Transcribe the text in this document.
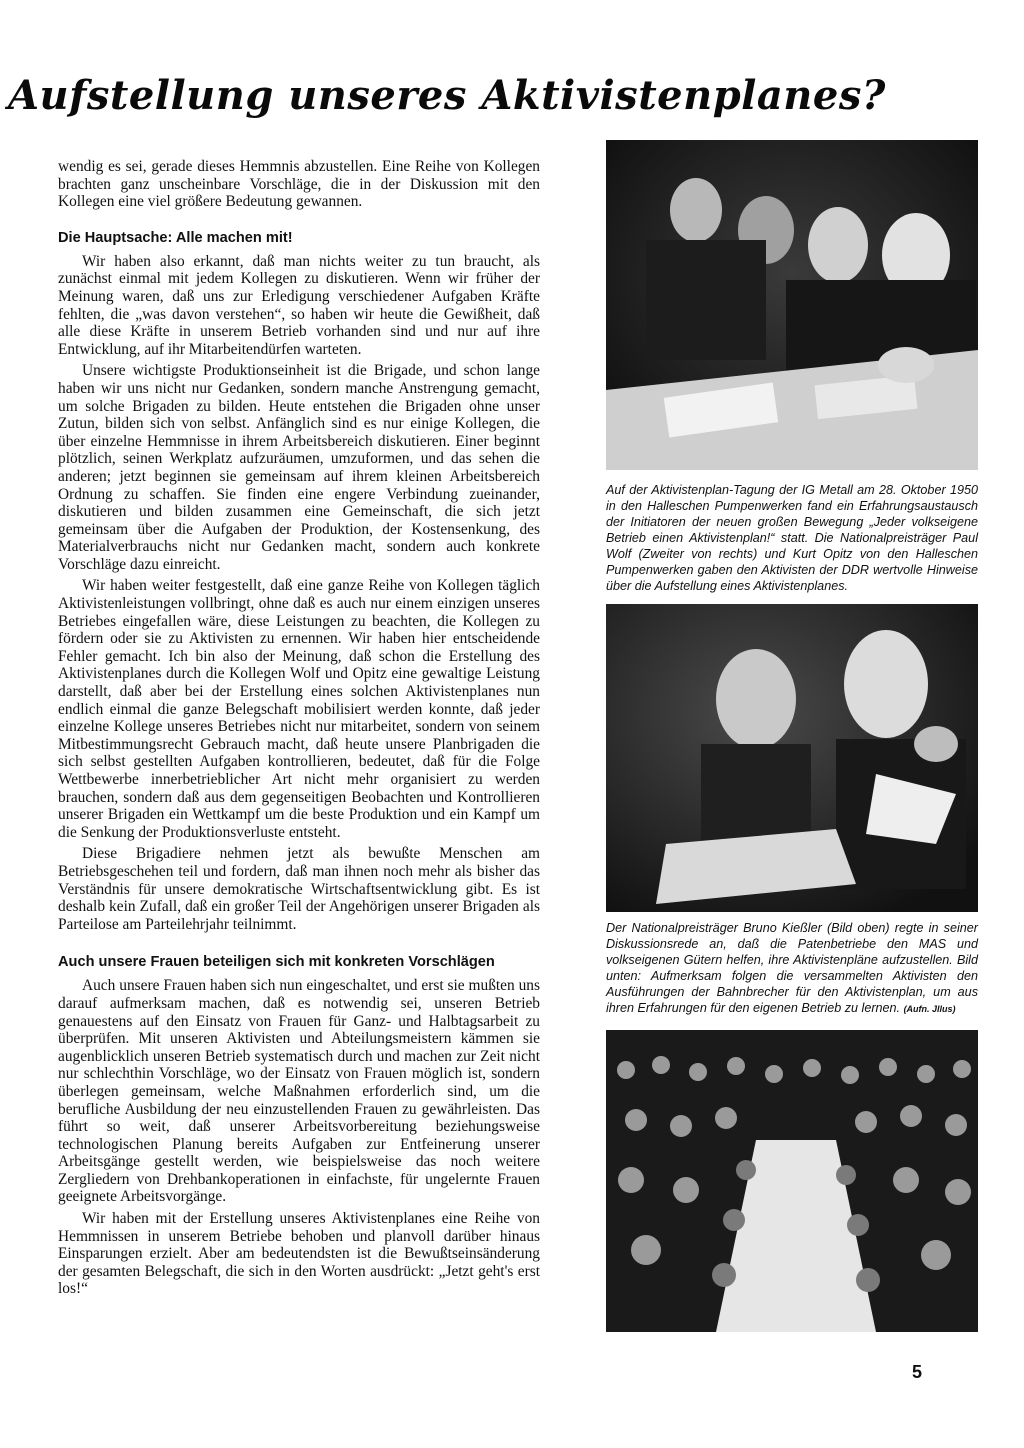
Aufstellung unseres Aktivistenplanes?

wendig es sei, gerade dieses Hemmnis abzustellen. Eine Reihe von Kollegen brachten ganz unscheinbare Vorschläge, die in der Diskussion mit den Kollegen eine viel größere Bedeutung gewannen.

Die Hauptsache: Alle machen mit!

Wir haben also erkannt, daß man nichts weiter zu tun braucht, als zunächst einmal mit jedem Kollegen zu diskutieren. Wenn wir früher der Meinung waren, daß uns zur Erledigung verschiedener Aufgaben Kräfte fehlten, die „was davon verstehen“, so haben wir heute die Gewißheit, daß alle diese Kräfte in unserem Betrieb vorhanden sind und nur auf ihre Entwicklung, auf ihr Mitarbeitendürfen warteten.

Unsere wichtigste Produktionseinheit ist die Brigade, und schon lange haben wir uns nicht nur Gedanken, sondern manche Anstrengung gemacht, um solche Brigaden zu bilden. Heute entstehen die Brigaden ohne unser Zutun, bilden sich von selbst. Anfänglich sind es nur einige Kollegen, die über einzelne Hemmnisse in ihrem Arbeitsbereich diskutieren. Einer beginnt plötzlich, seinen Werkplatz aufzuräumen, umzuformen, und das sehen die anderen; jetzt beginnen sie gemeinsam auf ihrem kleinen Arbeitsbereich Ordnung zu schaffen. Sie finden eine engere Verbindung zueinander, diskutieren und bilden zusammen eine Gemeinschaft, die sich jetzt gemeinsam über die Aufgaben der Produktion, der Kostensenkung, des Materialverbrauchs nicht nur Gedanken macht, sondern auch konkrete Vorschläge dazu einreicht.

Wir haben weiter festgestellt, daß eine ganze Reihe von Kollegen täglich Aktivistenleistungen vollbringt, ohne daß es auch nur einem einzigen unseres Betriebes eingefallen wäre, diese Leistungen zu beachten, die Kollegen zu fördern oder sie zu Aktivisten zu ernennen. Wir haben hier entscheidende Fehler gemacht. Ich bin also der Meinung, daß schon die Erstellung des Aktivistenplanes durch die Kollegen Wolf und Opitz eine gewaltige Leistung darstellt, daß aber bei der Erstellung eines solchen Aktivistenplanes nun endlich einmal die ganze Belegschaft mobilisiert werden konnte, daß jeder einzelne Kollege unseres Betriebes nicht nur mitarbeitet, sondern von seinem Mitbestimmungsrecht Gebrauch macht, daß heute unsere Planbrigaden die sich selbst gestellten Aufgaben kontrollieren, bedeutet, daß für die Folge Wettbewerbe innerbetrieblicher Art nicht mehr organisiert zu werden brauchen, sondern daß aus dem gegenseitigen Beobachten und Kontrollieren unserer Brigaden ein Wettkampf um die beste Produktion und ein Kampf um die Senkung der Produktionsverluste entsteht.

Diese Brigadiere nehmen jetzt als bewußte Menschen am Betriebsgeschehen teil und fordern, daß man ihnen noch mehr als bisher das Verständnis für unsere demokratische Wirtschaftsentwicklung gibt. Es ist deshalb kein Zufall, daß ein großer Teil der Angehörigen unserer Brigaden als Parteilose am Parteilehrjahr teilnimmt.

Auch unsere Frauen beteiligen sich mit konkreten Vorschlägen

Auch unsere Frauen haben sich nun eingeschaltet, und erst sie mußten uns darauf aufmerksam machen, daß es notwendig sei, unseren Betrieb genauestens auf den Einsatz von Frauen für Ganz- und Halbtagsarbeit zu überprüfen. Mit unseren Aktivisten und Abteilungsmeistern kämmen sie augenblicklich unseren Betrieb systematisch durch und machen zur Zeit nicht nur schlechthin Vorschläge, wo der Einsatz von Frauen möglich ist, sondern überlegen gemeinsam, welche Maßnahmen erforderlich sind, um die berufliche Ausbildung der neu einzustellenden Frauen zu gewährleisten. Das führt so weit, daß unserer Arbeitsvorbereitung beziehungsweise technologischen Planung bereits Aufgaben zur Entfeinerung unserer Arbeitsgänge gestellt werden, wie beispielsweise das noch weitere Zergliedern von Drehbankoperationen in einfachste, für ungelernte Frauen geeignete Arbeitsvorgänge.

Wir haben mit der Erstellung unseres Aktivistenplanes eine Reihe von Hemmnissen in unserem Betriebe behoben und planvoll darüber hinaus Einsparungen erzielt. Aber am bedeutendsten ist die Bewußtseinsänderung der gesamten Belegschaft, die sich in den Worten ausdrückt: „Jetzt geht's erst los!“

Auf der Aktivistenplan-Tagung der IG Metall am 28. Oktober 1950 in den Halleschen Pumpenwerken fand ein Erfahrungsaustausch der Initiatoren der neuen großen Bewegung „Jeder volkseigene Betrieb einen Aktivistenplan!“ statt. Die Nationalpreisträger Paul Wolf (Zweiter von rechts) und Kurt Opitz von den Halleschen Pumpenwerken gaben den Aktivisten der DDR wertvolle Hinweise über die Aufstellung eines Aktivistenplanes.
Der Nationalpreisträger Bruno Kießler (Bild oben) regte in seiner Diskussionsrede an, daß die Patenbetriebe den MAS und volkseigenen Gütern helfen, ihre Aktivistenpläne aufzustellen. Bild unten: Aufmerksam folgen die versammelten Aktivisten den Ausführungen der Bahnbrecher für den Aktivistenplan, um aus ihren Erfahrungen für den eigenen Betrieb zu lernen. (Aufn. Jllus)
5
